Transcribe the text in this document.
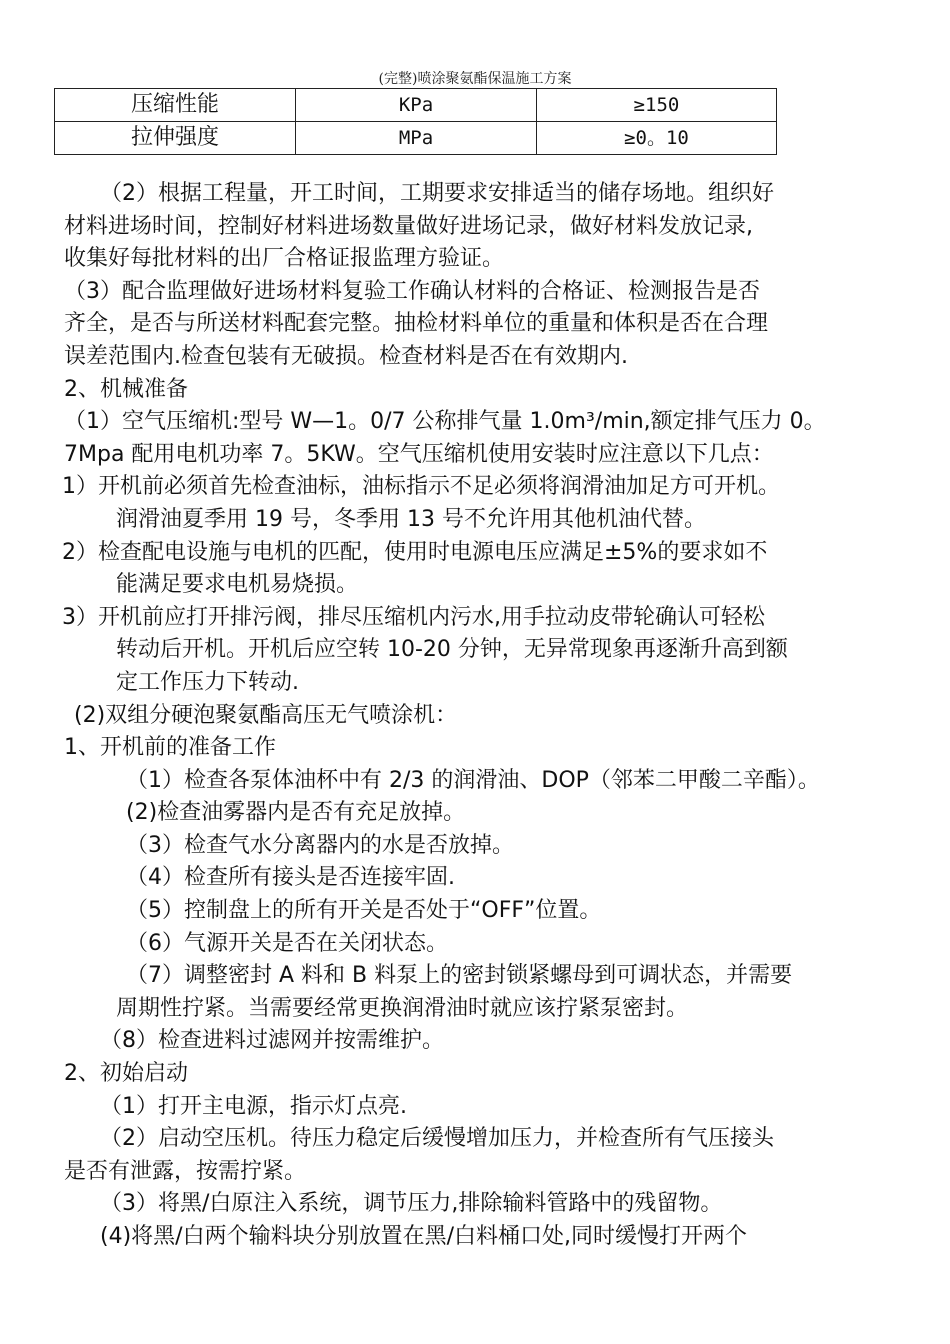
(完整)喷涂聚氨酯保温施工方案
压缩性能	KPa	≥150
拉伸强度	MPa	≥0。10
（2）根据工程量，开工时间，工期要求安排适当的储存场地。组织好
材料进场时间，控制好材料进场数量做好进场记录，做好材料发放记录,
收集好每批材料的出厂合格证报监理方验证。
（3）配合监理做好进场材料复验工作确认材料的合格证、检测报告是否
齐全，是否与所送材料配套完整。抽检材料单位的重量和体积是否在合理
误差范围内.检查包装有无破损。检查材料是否在有效期内.
2、机械准备
（1）空气压缩机:型号 W—1。0/7 公称排气量 1.0m³/min,额定排气压力 0。
7Mpa 配用电机功率 7。5KW。空气压缩机使用安装时应注意以下几点：
1）开机前必须首先检查油标，油标指示不足必须将润滑油加足方可开机。
润滑油夏季用 19 号，冬季用 13 号不允许用其他机油代替。
2）检查配电设施与电机的匹配，使用时电源电压应满足±5%的要求如不
能满足要求电机易烧损。
3）开机前应打开排污阀，排尽压缩机内污水,用手拉动皮带轮确认可轻松
转动后开机。开机后应空转 10-20 分钟，无异常现象再逐渐升高到额
定工作压力下转动.
(2)双组分硬泡聚氨酯高压无气喷涂机：
1、开机前的准备工作
（1）检查各泵体油杯中有 2/3 的润滑油、DOP（邻苯二甲酸二辛酯）。
(2)检查油雾器内是否有充足放掉。
（3）检查气水分离器内的水是否放掉。
（4）检查所有接头是否连接牢固.
（5）控制盘上的所有开关是否处于“OFF”位置。
（6）气源开关是否在关闭状态。
（7）调整密封 A 料和 B 料泵上的密封锁紧螺母到可调状态，并需要
周期性拧紧。当需要经常更换润滑油时就应该拧紧泵密封。
（8）检查进料过滤网并按需维护。
2、初始启动
（1）打开主电源，指示灯点亮.
（2）启动空压机。待压力稳定后缓慢增加压力，并检查所有气压接头
是否有泄露，按需拧紧。
（3）将黑/白原注入系统，调节压力,排除输料管路中的残留物。
(4)将黑/白两个输料块分别放置在黑/白料桶口处,同时缓慢打开两个
